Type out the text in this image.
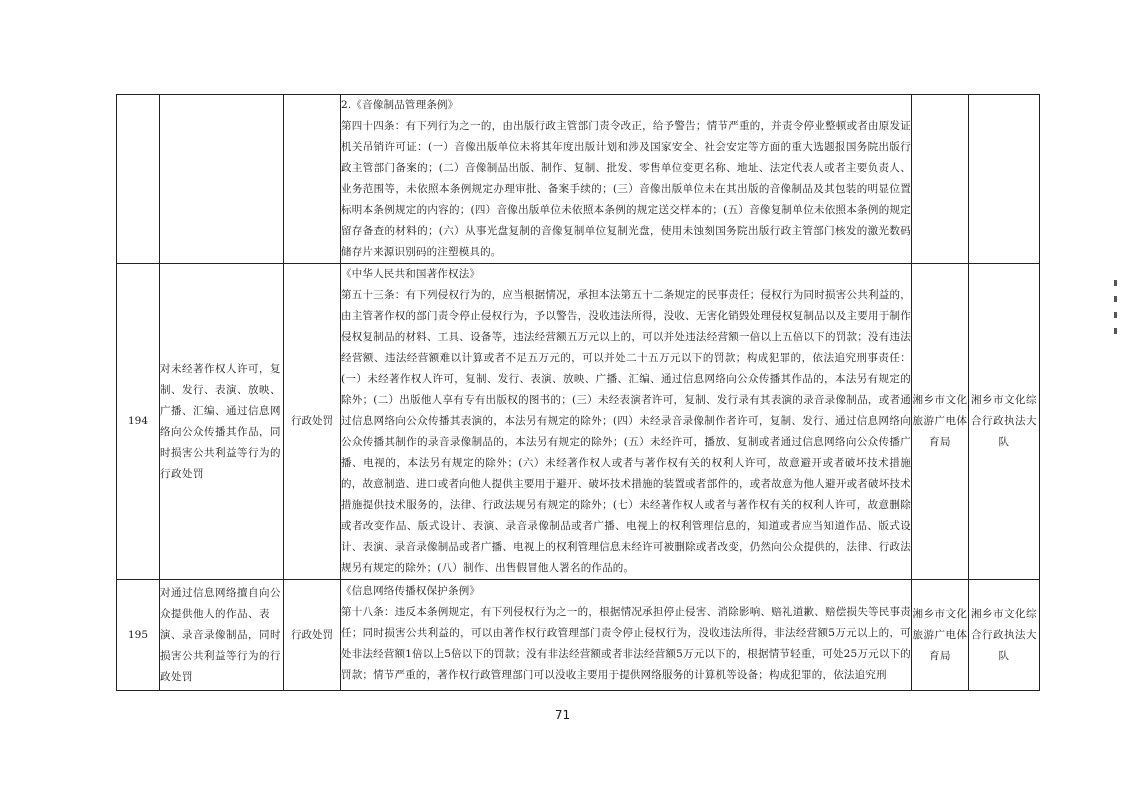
			2.《音像制品管理条例》

第四十四条：有下列行为之一的，由出版行政主管部门责令改正，给予警告；情节严重的，并责令停业整顿或者由原发证机关吊销许可证：(一）音像出版单位未将其年度出版计划和涉及国家安全、社会安定等方面的重大选题报国务院出版行政主管部门备案的；(二）音像制品出版、制作、复制、批发、零售单位变更名称、地址、法定代表人或者主要负责人、业务范围等，未依照本条例规定办理审批、备案手续的；(三）音像出版单位未在其出版的音像制品及其包装的明显位置标明本条例规定的内容的；(四）音像出版单位未依照本条例的规定送交样本的；(五）音像复制单位未依照本条例的规定留存备查的材料的；(六）从事光盘复制的音像复制单位复制光盘，使用未蚀刻国务院出版行政主管部门核发的激光数码储存片来源识别码的注塑模具的。		

194	对未经著作权人许可，复制、发行、表演、放映、广播、汇编、通过信息网络向公众传播其作品，同时损害公共利益等行为的行政处罚	行政处罚	《中华人民共和国著作权法》

第五十三条：有下列侵权行为的，应当根据情况，承担本法第五十二条规定的民事责任；侵权行为同时损害公共利益的，由主管著作权的部门责令停止侵权行为，予以警告，没收违法所得，没收、无害化销毁处理侵权复制品以及主要用于制作侵权复制品的材料、工具、设备等，违法经营额五万元以上的，可以并处违法经营额一倍以上五倍以下的罚款；没有违法经营额、违法经营额难以计算或者不足五万元的，可以并处二十五万元以下的罚款；构成犯罪的，依法追究刑事责任：(一）未经著作权人许可，复制、发行、表演、放映、广播、汇编、通过信息网络向公众传播其作品的，本法另有规定的除外；(二）出版他人享有专有出版权的图书的；(三）未经表演者许可，复制、发行录有其表演的录音录像制品，或者通过信息网络向公众传播其表演的，本法另有规定的除外；(四）未经录音录像制作者许可，复制、发行、通过信息网络向公众传播其制作的录音录像制品的，本法另有规定的除外；(五）未经许可，播放、复制或者通过信息网络向公众传播广播、电视的，本法另有规定的除外；(六）未经著作权人或者与著作权有关的权利人许可，故意避开或者破坏技术措施的，故意制造、进口或者向他人提供主要用于避开、破坏技术措施的装置或者部件的，或者故意为他人避开或者破坏技术措施提供技术服务的，法律、行政法规另有规定的除外；(七）未经著作权人或者与著作权有关的权利人许可，故意删除或者改变作品、版式设计、表演、录音录像制品或者广播、电视上的权利管理信息的，知道或者应当知道作品、版式设计、表演、录音录像制品或者广播、电视上的权利管理信息未经许可被删除或者改变，仍然向公众提供的，法律、行政法规另有规定的除外；(八）制作、出售假冒他人署名的作品的。	湘乡市文化旅游广电体育局	湘乡市文化综合行政执法大队
195	对通过信息网络擅自向公众提供他人的作品、表演、录音录像制品，同时损害公共利益等行为的行政处罚	行政处罚	《信息网络传播权保护条例》

第十八条：违反本条例规定，有下列侵权行为之一的，根据情况承担停止侵害、消除影响、赔礼道歉、赔偿损失等民事责任；同时损害公共利益的，可以由著作权行政管理部门责令停止侵权行为，没收违法所得，非法经营额5万元以上的，可处非法经营额1倍以上5倍以下的罚款；没有非法经营额或者非法经营额5万元以下的，根据情节轻重，可处25万元以下的罚款；情节严重的，著作权行政管理部门可以没收主要用于提供网络服务的计算机等设备；构成犯罪的，依法追究刑	湘乡市文化旅游广电体育局	湘乡市文化综合行政执法大队
71
